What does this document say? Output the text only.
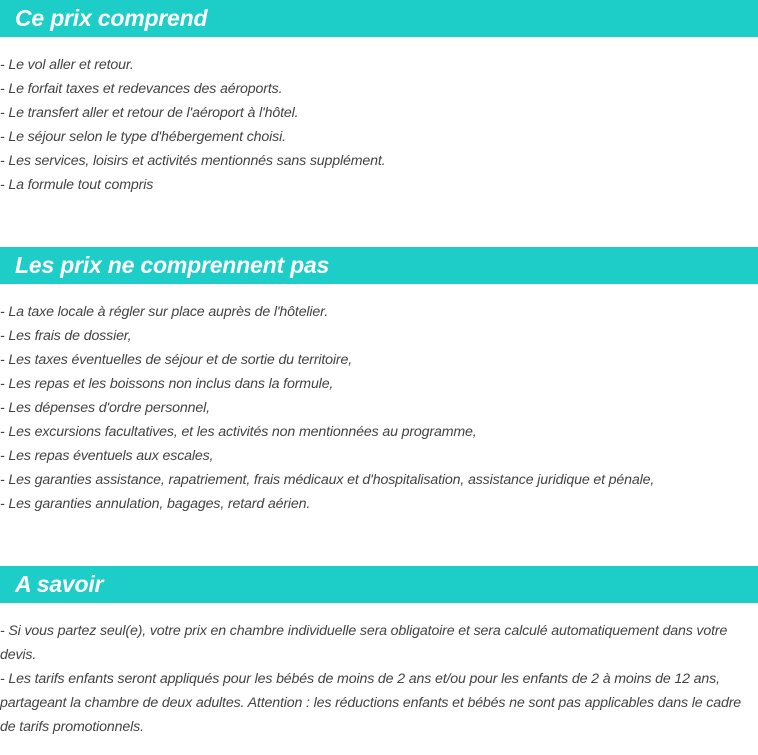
Ce prix comprend

- Le vol aller et retour.

- Le forfait taxes et redevances des aéroports.

- Le transfert aller et retour de l'aéroport à l'hôtel.

- Le séjour selon le type d'hébergement choisi.

- Les services, loisirs et activités mentionnés sans supplément.

- La formule tout compris

Les prix ne comprennent pas

- La taxe locale à régler sur place auprès de l'hôtelier.

- Les frais de dossier,

- Les taxes éventuelles de séjour et de sortie du territoire,

- Les repas et les boissons non inclus dans la formule,

- Les dépenses d'ordre personnel,

- Les excursions facultatives, et les activités non mentionnées au programme,

- Les repas éventuels aux escales,

- Les garanties assistance, rapatriement, frais médicaux et d'hospitalisation, assistance juridique et pénale,

- Les garanties annulation, bagages, retard aérien.

A savoir

- Si vous partez seul(e), votre prix en chambre individuelle sera obligatoire et sera calculé automatiquement dans votre devis.

- Les tarifs enfants seront appliqués pour les bébés de moins de 2 ans et/ou pour les enfants de 2 à moins de 12 ans, partageant la chambre de deux adultes. Attention : les réductions enfants et bébés ne sont pas applicables dans le cadre de tarifs promotionnels.
